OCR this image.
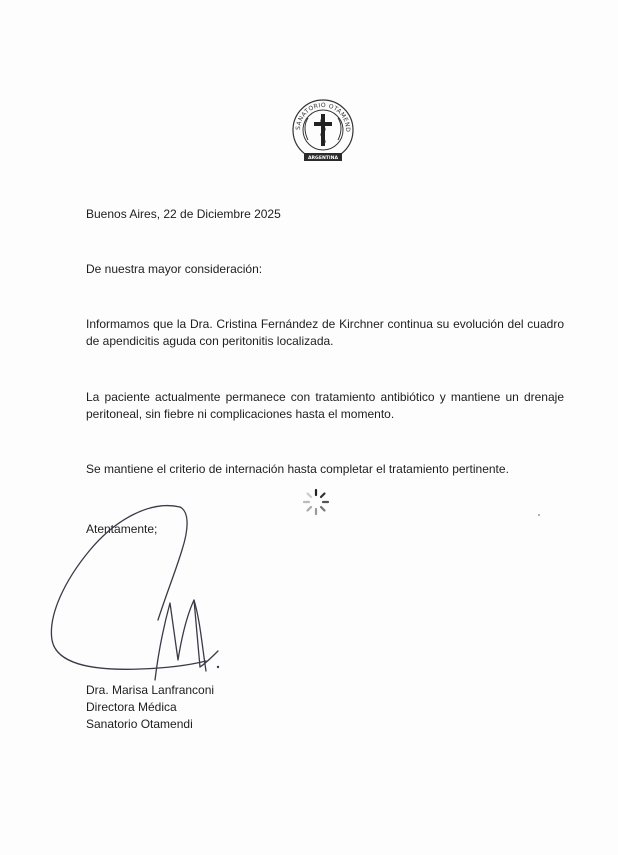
SANATORIO OTAMEND
ARGENTINA
Buenos Aires, 22 de Diciembre 2025
De nuestra mayor consideración:
Informamos que la Dra. Cristina Fernández de Kirchner continua su evolución del cuadro de apendicitis aguda con peritonitis localizada.
La paciente actualmente permanece con tratamiento antibiótico y mantiene un drenaje peritoneal, sin fiebre ni complicaciones hasta el momento.
Se mantiene el criterio de internación hasta completar el tratamiento pertinente.
Atentamente;
Dra. Marisa Lanfranconi
Directora Médica
Sanatorio Otamendi
